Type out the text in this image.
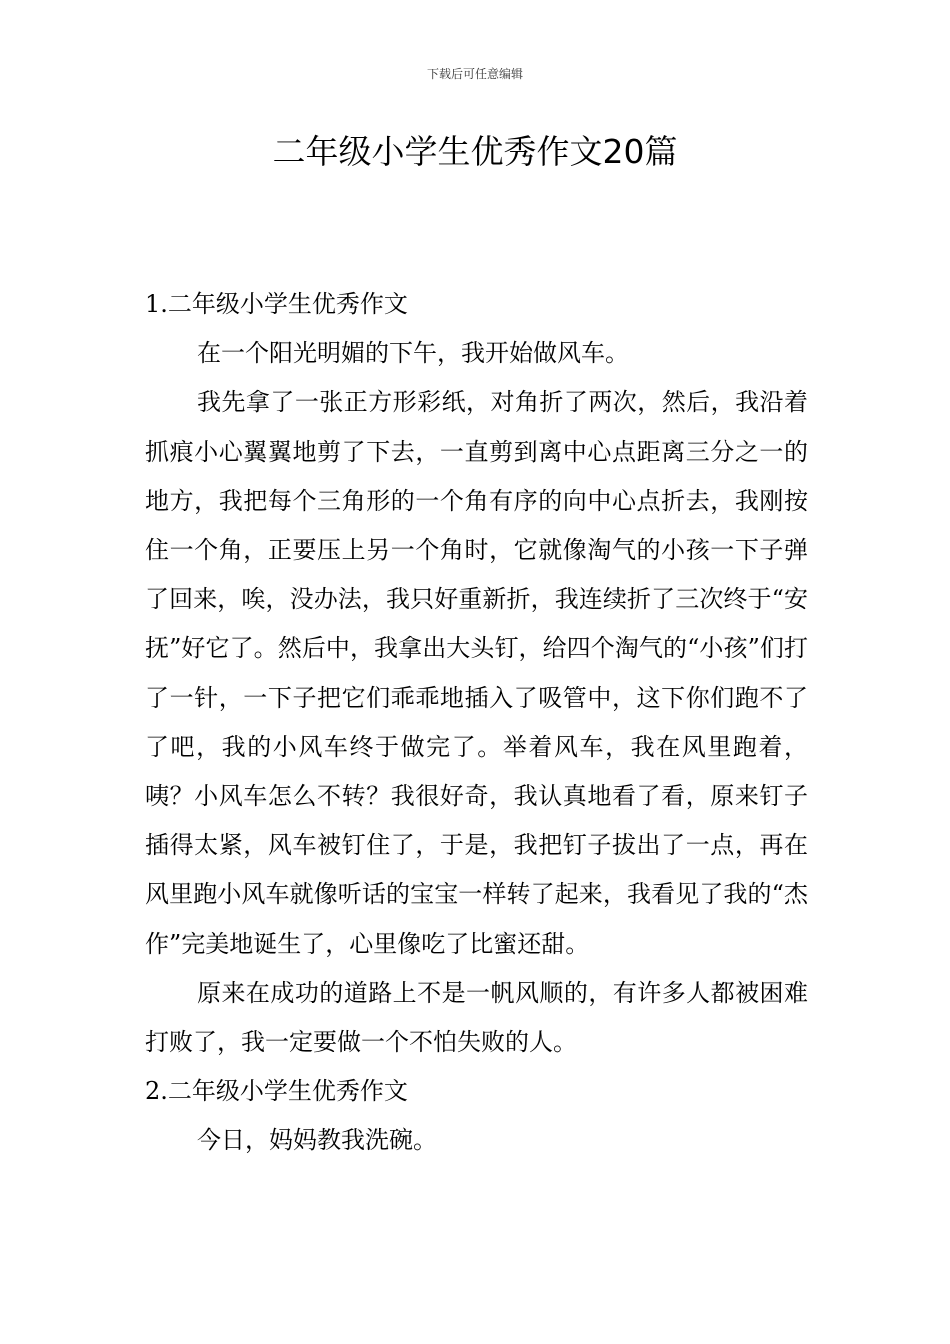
下载后可任意编辑
二年级小学生优秀作文20篇

1.二年级小学生优秀作文

在一个阳光明媚的下午，我开始做风车。

我先拿了一张正方形彩纸，对角折了两次，然后，我沿着抓痕小心翼翼地剪了下去，一直剪到离中心点距离三分之一的地方，我把每个三角形的一个角有序的向中心点折去，我刚按住一个角，正要压上另一个角时，它就像淘气的小孩一下子弹了回来，唉，没办法，我只好重新折，我连续折了三次终于“安抚”好它了。然后中，我拿出大头钉，给四个淘气的“小孩”们打了一针，一下子把它们乖乖地插入了吸管中，这下你们跑不了了吧，我的小风车终于做完了。举着风车，我在风里跑着，咦？小风车怎么不转？我很好奇，我认真地看了看，原来钉子插得太紧，风车被钉住了，于是，我把钉子拔出了一点，再在风里跑小风车就像听话的宝宝一样转了起来，我看见了我的“杰作”完美地诞生了，心里像吃了比蜜还甜。

原来在成功的道路上不是一帆风顺的，有许多人都被困难打败了，我一定要做一个不怕失败的人。

2.二年级小学生优秀作文

今日，妈妈教我洗碗。
